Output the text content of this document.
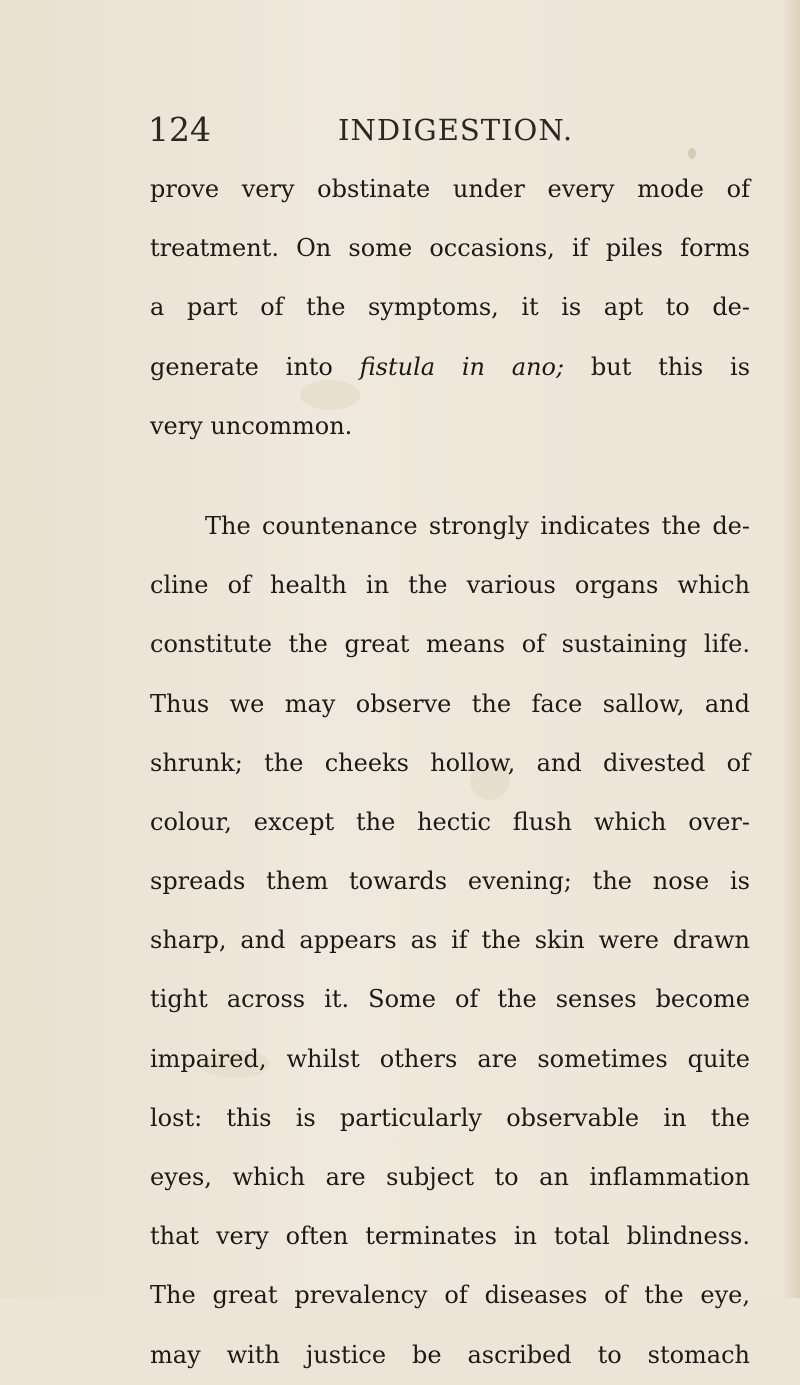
124	INDIGESTION.
prove very obstinate under every mode of
treatment. On some occasions, if piles forms
a part of the symptoms, it is apt to de-
generate into fistula in ano; but this is
very uncommon.
The countenance strongly indicates the de-
cline of health in the various organs which
constitute the great means of sustaining life.
Thus we may observe the face sallow, and
shrunk; the cheeks hollow, and divested of
colour, except the hectic flush which over-
spreads them towards evening; the nose is
sharp, and appears as if the skin were drawn
tight across it. Some of the senses become
impaired, whilst others are sometimes quite
lost: this is particularly observable in the
eyes, which are subject to an inflammation
that very often terminates in total blindness.
The great prevalency of diseases of the eye,
may with justice be ascribed to stomach
